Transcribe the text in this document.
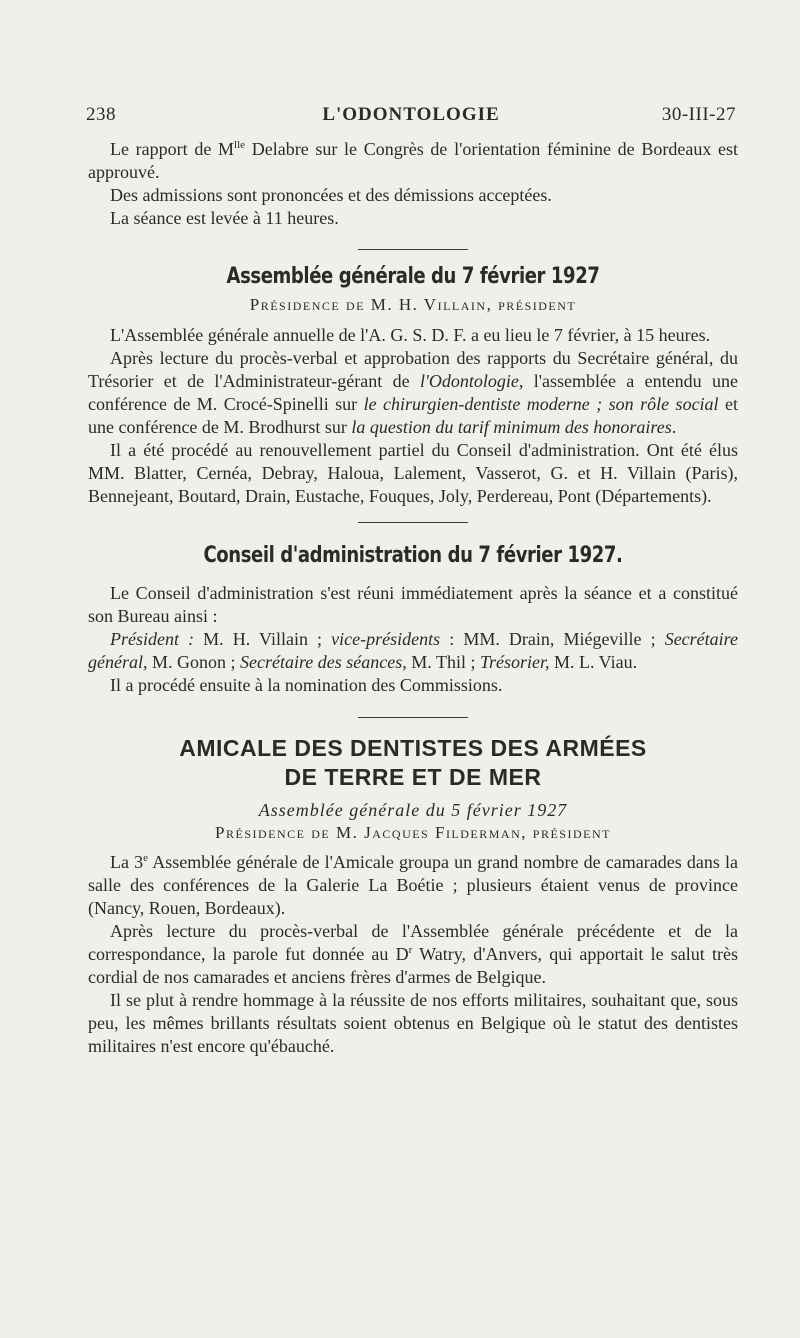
238	L'ODONTOLOGIE	30-III-27

Le rapport de $M^{lle}$ Delabre sur le Congrès de l'orientation féminine de Bordeaux est approuvé.

Des admissions sont prononcées et des démissions acceptées.

La séance est levée à 11 heures.

Assemblée générale du 7 février 1927
Présidence de M. H. Villain, président

L'Assemblée générale annuelle de l'A. G. S. D. F. a eu lieu le 7 février, à 15 heures.

Après lecture du procès-verbal et approbation des rapports du Secrétaire général, du Trésorier et de l'Administrateur-gérant de l'Odontologie, l'assemblée a entendu une conférence de M. Crocé-Spinelli sur le chirurgien-dentiste moderne ; son rôle social et une conférence de M. Brodhurst sur la question du tarif minimum des honoraires.

Il a été procédé au renouvellement partiel du Conseil d'administration. Ont été élus MM. Blatter, Cernéa, Debray, Haloua, Lalement, Vasserot, G. et H. Villain (Paris), Bennejeant, Boutard, Drain, Eustache, Fouques, Joly, Perdereau, Pont (Départements).

Conseil d'administration du 7 février 1927.

Le Conseil d'administration s'est réuni immédiatement après la séance et a constitué son Bureau ainsi :

Président : M. H. Villain ; vice-présidents : MM. Drain, Miégeville ; Secrétaire général, M. Gonon ; Secrétaire des séances, M. Thil ; Trésorier, M. L. Viau.

Il a procédé ensuite à la nomination des Commissions.

AMICALE DES DENTISTES DES ARMÉES
DE TERRE ET DE MER
Assemblée générale du 5 février 1927
Présidence de M. Jacques Filderman, président

La 3e Assemblée générale de l'Amicale groupa un grand nombre de camarades dans la salle des conférences de la Galerie La Boétie ; plusieurs étaient venus de province (Nancy, Rouen, Bordeaux).

Après lecture du procès-verbal de l'Assemblée générale précédente et de la correspondance, la parole fut donnée au $D^r$ Watry, d'Anvers, qui apportait le salut très cordial de nos camarades et anciens frères d'armes de Belgique.

Il se plut à rendre hommage à la réussite de nos efforts militaires, souhaitant que, sous peu, les mêmes brillants résultats soient obtenus en Belgique où le statut des dentistes militaires n'est encore qu'ébauché.
